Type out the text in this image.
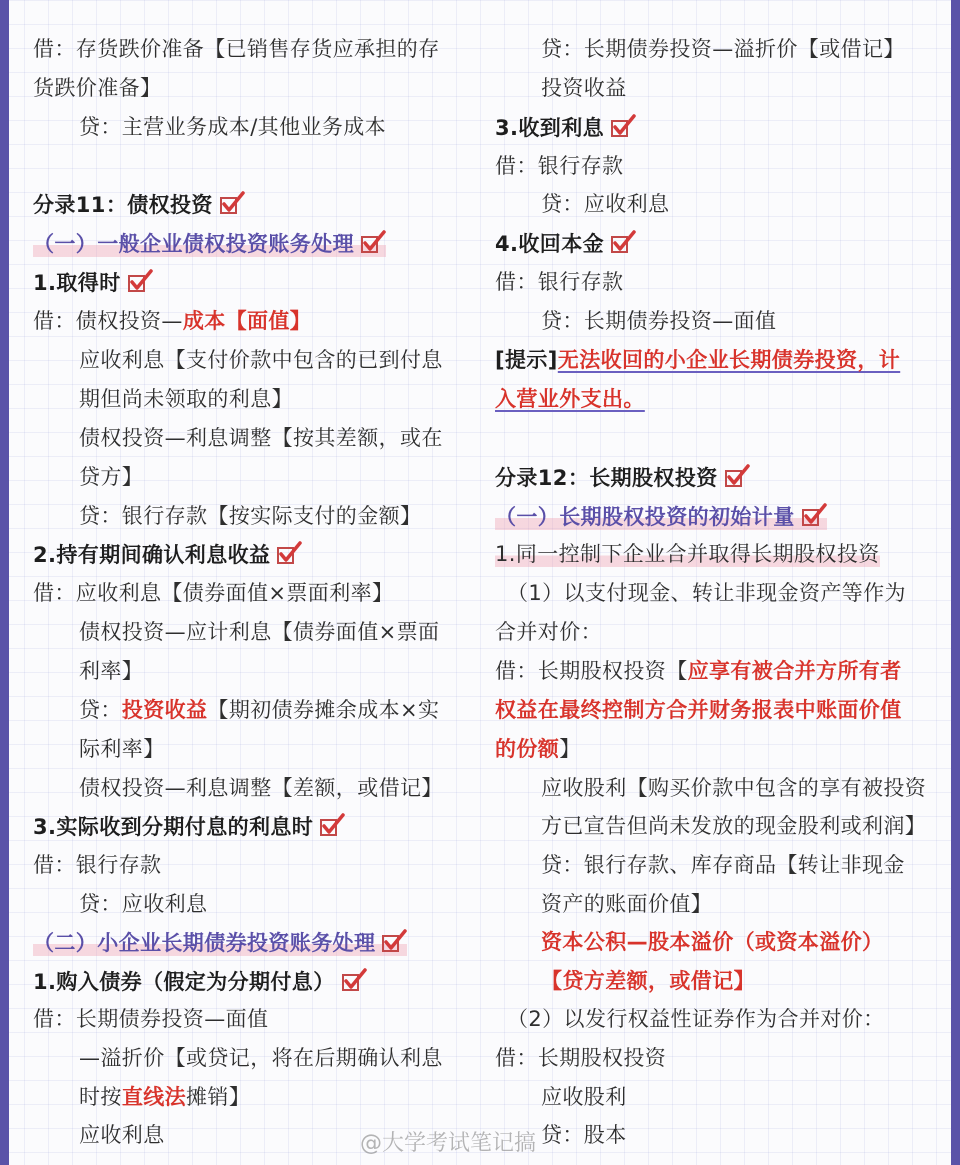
借：存货跌价准备【已销售存货应承担的存
货跌价准备】
贷：主营业务成本/其他业务成本
分录11：债权投资
（一）一般企业债权投资账务处理
1.取得时
借：债权投资—成本【面值】
应收利息【支付价款中包含的已到付息
期但尚未领取的利息】
债权投资—利息调整【按其差额，或在
贷方】
贷：银行存款【按实际支付的金额】
2.持有期间确认利息收益
借：应收利息【债券面值×票面利率】
债权投资—应计利息【债券面值×票面
利率】
贷：投资收益【期初债券摊余成本×实
际利率】
债权投资—利息调整【差额，或借记】
3.实际收到分期付息的利息时
借：银行存款
贷：应收利息
（二）小企业长期债券投资账务处理
1.购入债券（假定为分期付息）
借：长期债券投资—面值
—溢折价【或贷记，将在后期确认利息
时按直线法摊销】
应收利息
贷：长期债券投资—溢折价【或借记】
投资收益
3.收到利息
借：银行存款
贷：应收利息
4.收回本金
借：银行存款
贷：长期债券投资—面值
[提示]无法收回的小企业长期债券投资，计
入营业外支出。
分录12：长期股权投资
（一）长期股权投资的初始计量
1.同一控制下企业合并取得长期股权投资
（1）以支付现金、转让非现金资产等作为
合并对价：
借：长期股权投资【应享有被合并方所有者
权益在最终控制方合并财务报表中账面价值
的份额】
应收股利【购买价款中包含的享有被投资
方已宣告但尚未发放的现金股利或利润】
贷：银行存款、库存商品【转让非现金
资产的账面价值】
资本公积—股本溢价（或资本溢价）
【贷方差额，或借记】
（2）以发行权益性证券作为合并对价：
借：长期股权投资
应收股利
贷：股本
@大学考试笔记搞
